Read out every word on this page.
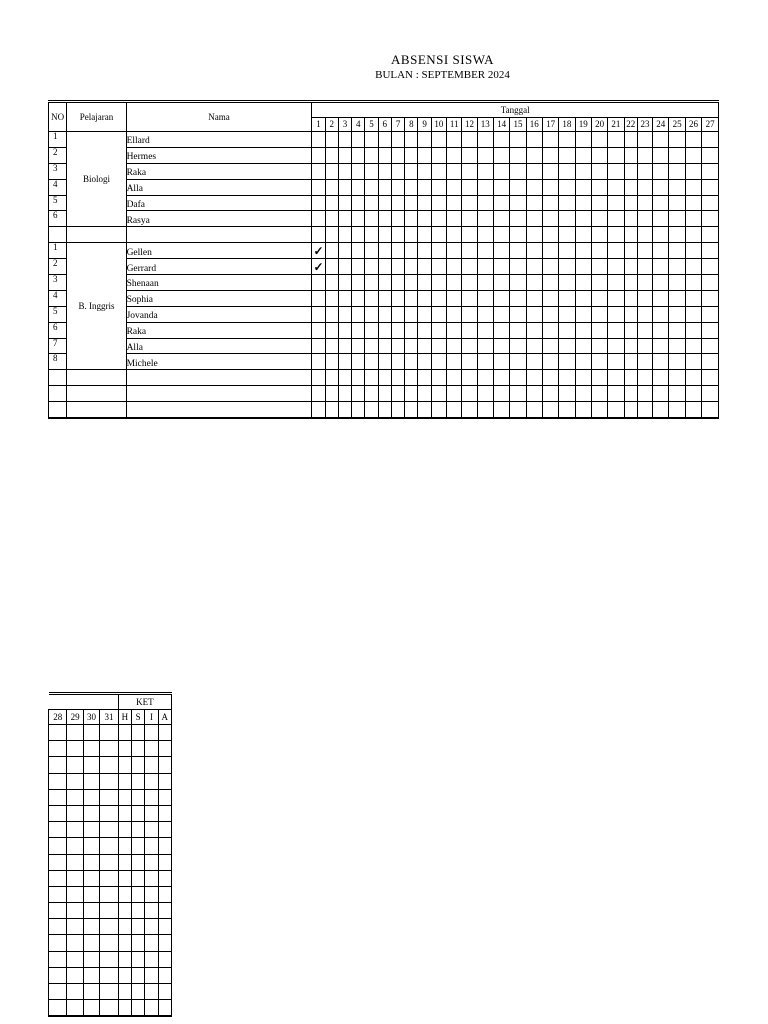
ABSENSI SISWA
BULAN : SEPTEMBER 2024
NO	Pelajaran	Nama	Tanggal																										
			1	2	3	4	5	6	7	8	9	10	11	12	13	14	15	16	17	18	19	20	21	22	23	24	25	26	27
1	Biologi	Ellard																											
2		Hermes																											
3		Raka																											
4		Alla																											
5		Dafa																											
6		Rasya																											

1	B. Inggris	Gellen	✓																										
2		Gerrard	✓																										
3		Shenaan																											
4		Sophia																											
5		Jovanda																											
6		Raka																											
7		Alla																											
8		Michele																											

				KET			
28	29	30	31	H	S	I	A
